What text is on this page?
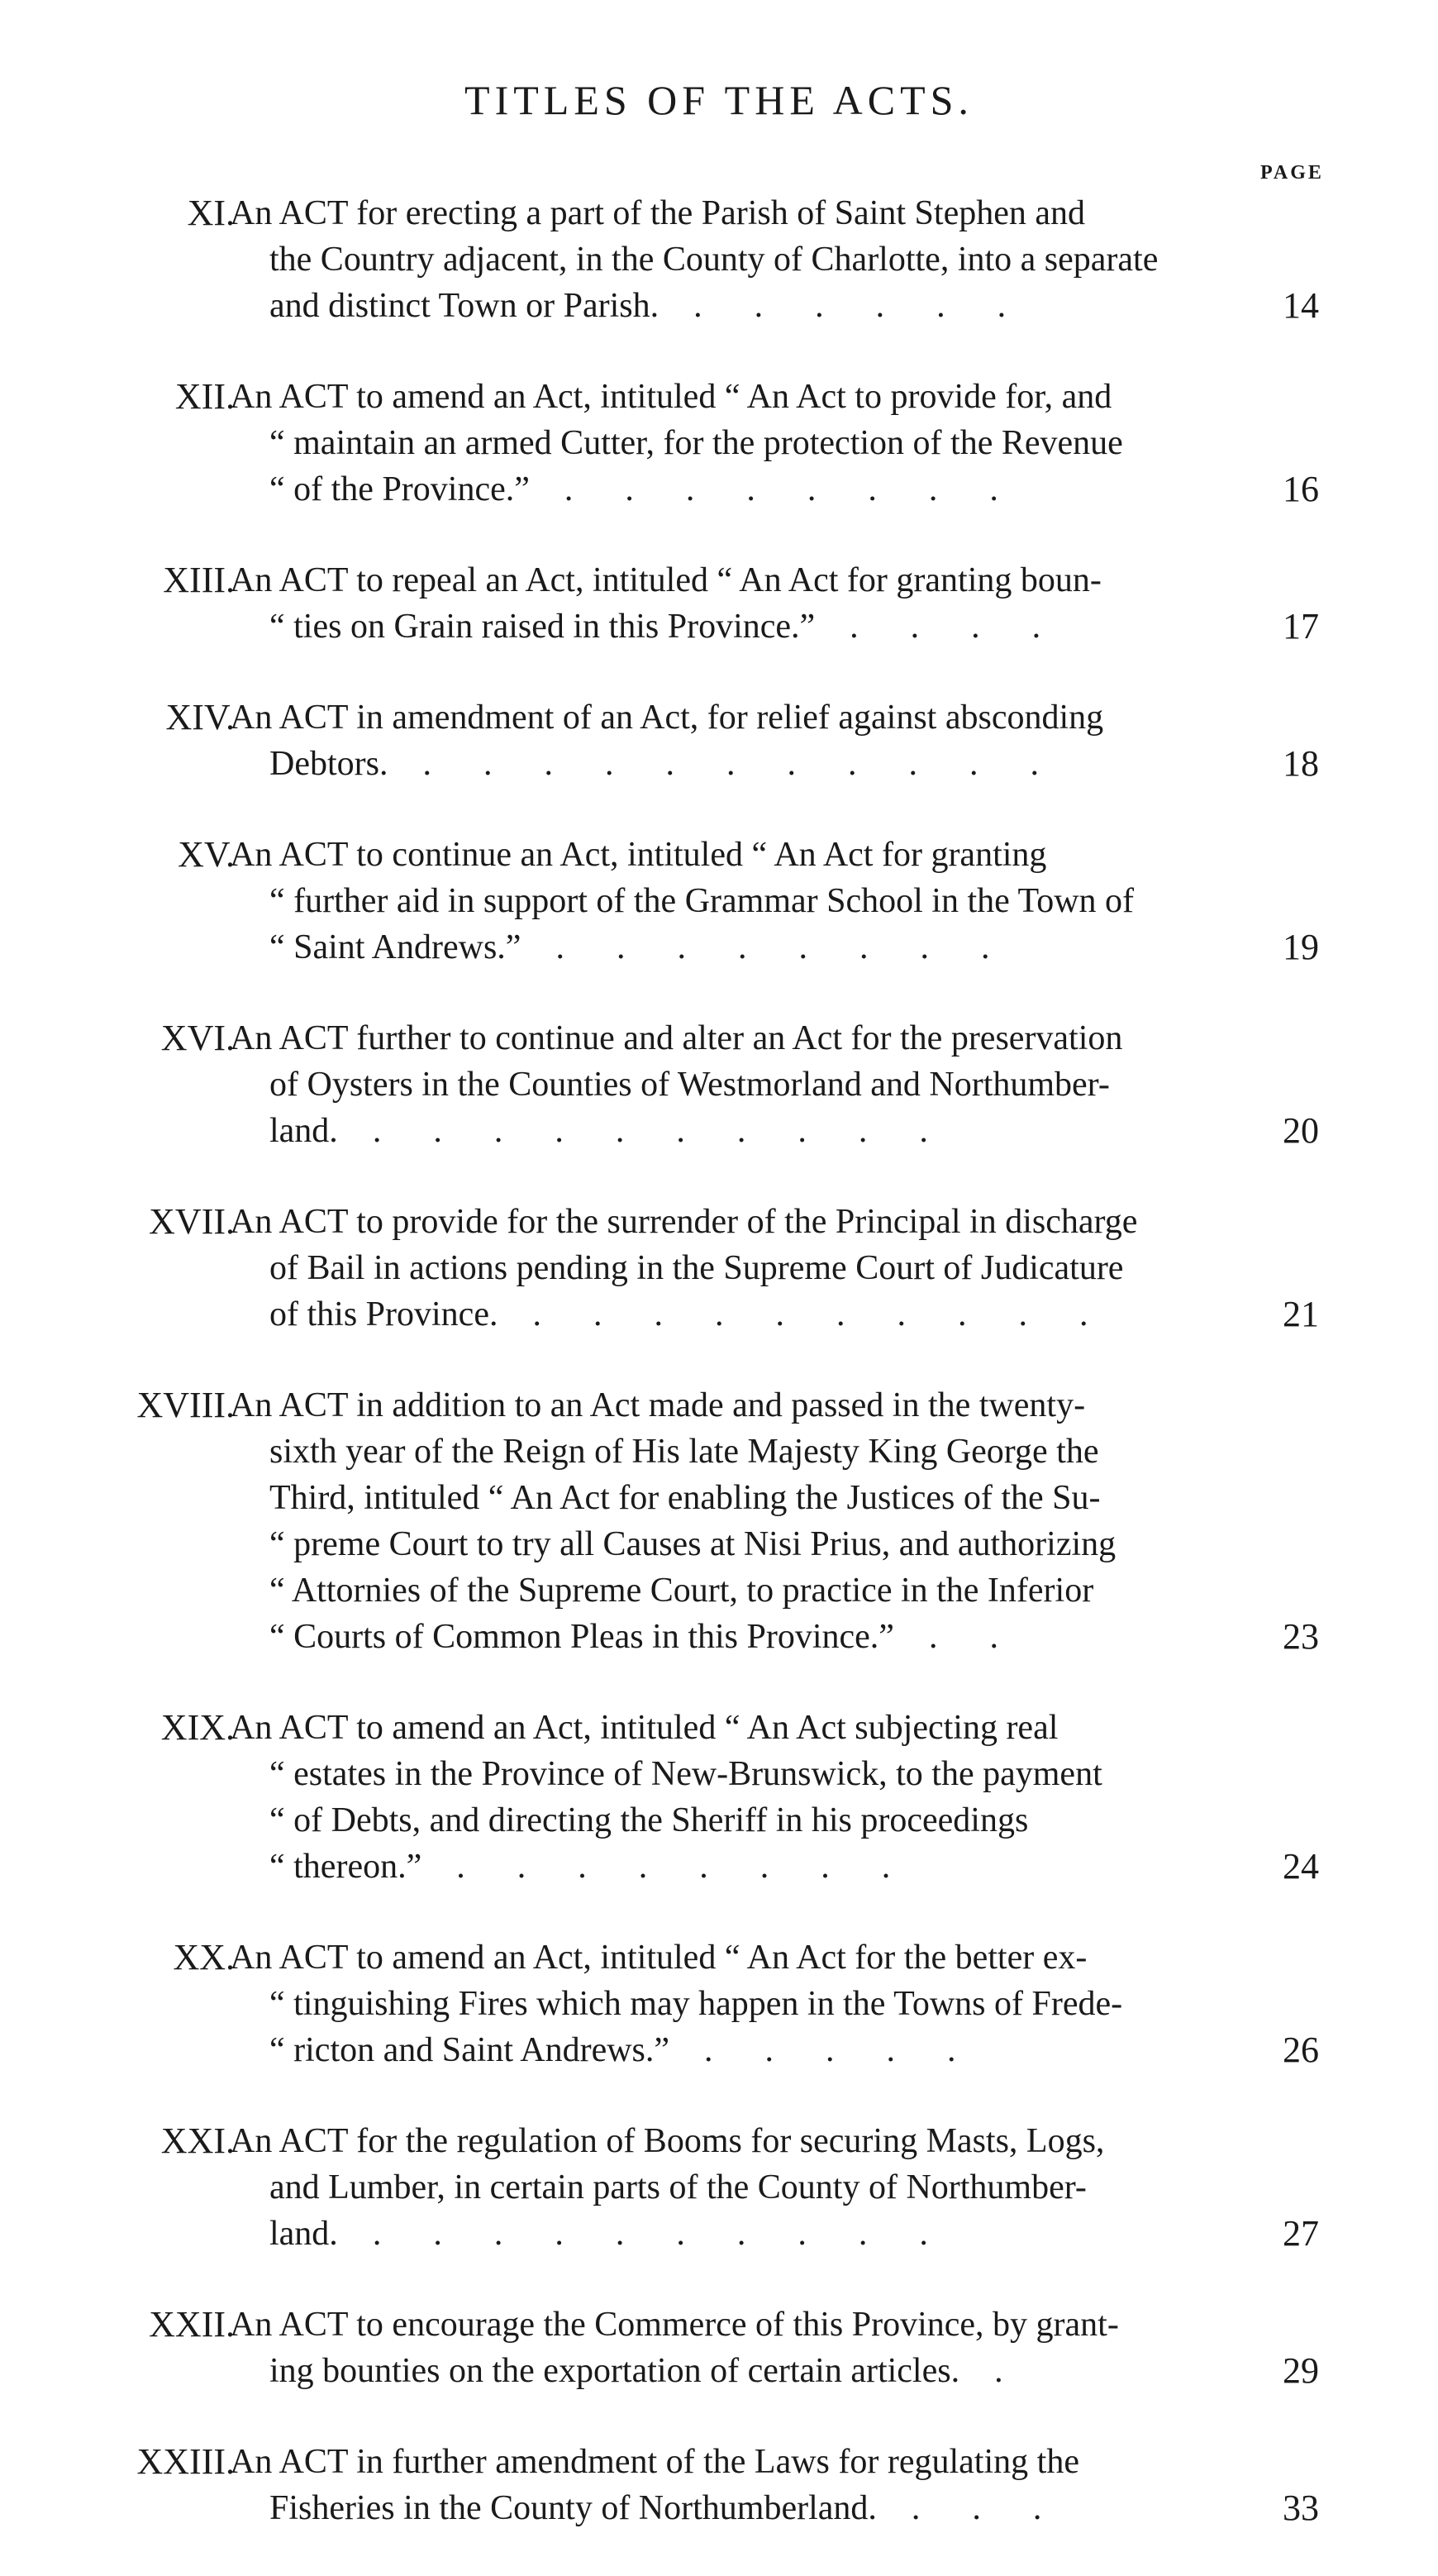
TITLES OF THE ACTS.
PAGE
XI.
An ACT for erecting a part of the Parish of Saint Stephen and
the Country adjacent, in the County of Charlotte, into a separate
and distinct Town or Parish. .      .      .      .      .      .	14
XII.
An ACT to amend an Act, intituled “ An Act to provide for, and
“ maintain an armed Cutter, for the protection of the Revenue
“ of the Province.” .      .      .      .      .      .      .      .	16
XIII.
An ACT to repeal an Act, intituled “ An Act for granting boun-
“ ties on Grain raised in this Province.” .      .      .      .	17
XIV.
An ACT in amendment of an Act, for relief against absconding
Debtors. .      .      .      .      .      .      .      .      .      .      .	18
XV.
An ACT to continue an Act, intituled “ An Act for granting
“ further aid in support of the Grammar School in the Town of
“ Saint Andrews.” .      .      .      .      .      .      .      .	19
XVI.
An ACT further to continue and alter an Act for the preservation
of Oysters in the Counties of Westmorland and Northumber-
land. .      .      .      .      .      .      .      .      .      .	20
XVII.
An ACT to provide for the surrender of the Principal in discharge
of Bail in actions pending in the Supreme Court of Judicature
of this Province. .      .      .      .      .      .      .      .      .      .	21
XVIII.
An ACT in addition to an Act made and passed in the twenty-
sixth year of the Reign of His late Majesty King George the
Third, intituled “ An Act for enabling the Justices of the Su-
“ preme Court to try all Causes at Nisi Prius, and authorizing
“ Attornies of the Supreme Court, to practice in the Inferior
“ Courts of Common Pleas in this Province.” .      .	23
XIX.
An ACT to amend an Act, intituled “ An Act subjecting real
“ estates in the Province of New-Brunswick, to the payment
“ of Debts, and directing the Sheriff in his proceedings
“ thereon.” .      .      .      .      .      .      .      .	24
XX.
An ACT to amend an Act, intituled “ An Act for the better ex-
“ tinguishing Fires which may happen in the Towns of Frede-
“ ricton and Saint Andrews.” .      .      .      .      .	26
XXI.
An ACT for the regulation of Booms for securing Masts, Logs,
and Lumber, in certain parts of the County of Northumber-
land. .      .      .      .      .      .      .      .      .      .	27
XXII.
An ACT to encourage the Commerce of this Province, by grant-
ing bounties on the exportation of certain articles. .	29
XXIII.
An ACT in further amendment of the Laws for regulating the
Fisheries in the County of Northumberland. .      .      .	33
